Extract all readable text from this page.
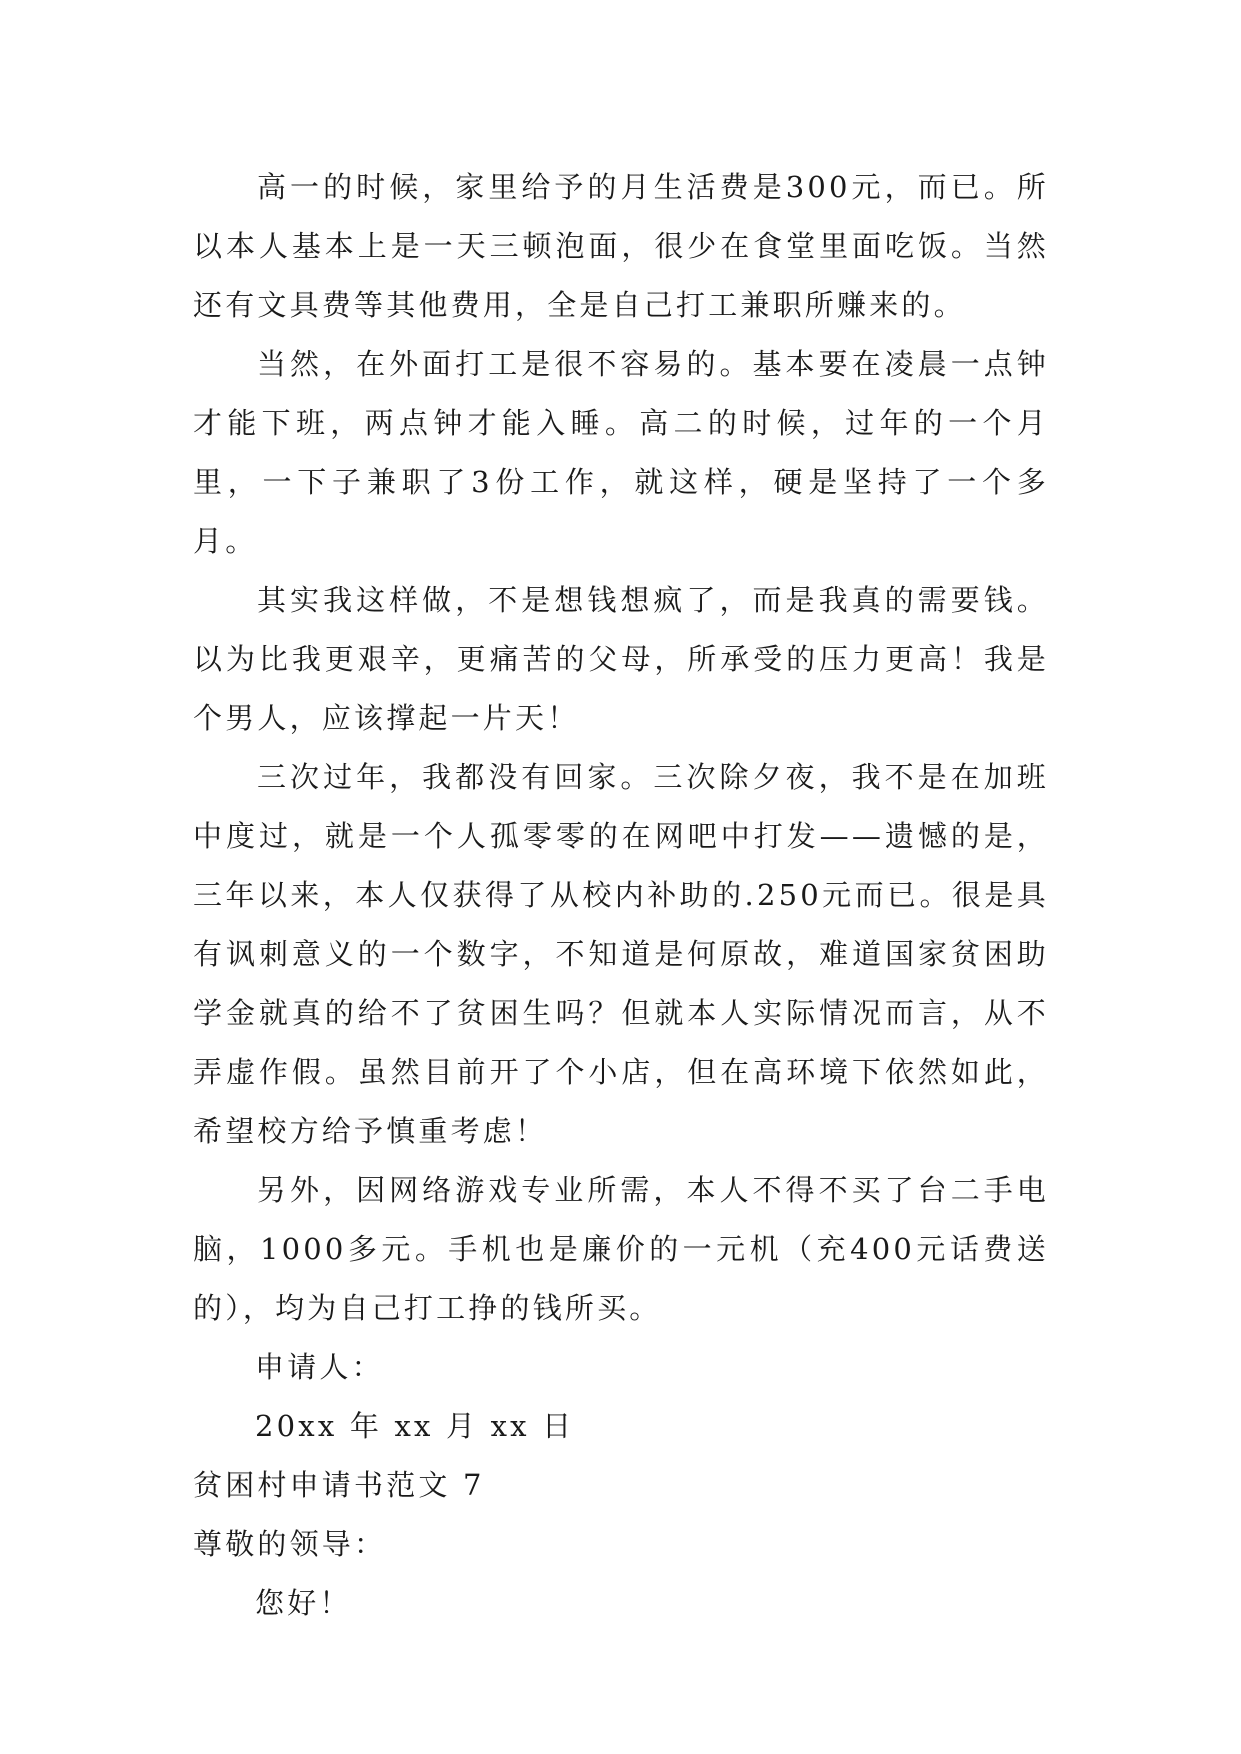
高一的时候，家里给予的月生活费是300元，而已。所以本人基本上是一天三顿泡面，很少在食堂里面吃饭。当然还有文具费等其他费用，全是自己打工兼职所赚来的。

当然，在外面打工是很不容易的。基本要在凌晨一点钟才能下班，两点钟才能入睡。高二的时候，过年的一个月里，一下子兼职了3份工作，就这样，硬是坚持了一个多月。

其实我这样做，不是想钱想疯了，而是我真的需要钱。以为比我更艰辛，更痛苦的父母，所承受的压力更高！我是个男人，应该撑起一片天！

三次过年，我都没有回家。三次除夕夜，我不是在加班中度过，就是一个人孤零零的在网吧中打发——遗憾的是，三年以来，本人仅获得了从校内补助的.250元而已。很是具有讽刺意义的一个数字，不知道是何原故，难道国家贫困助学金就真的给不了贫困生吗？但就本人实际情况而言，从不弄虚作假。虽然目前开了个小店，但在高环境下依然如此，希望校方给予慎重考虑！

另外，因网络游戏专业所需，本人不得不买了台二手电脑，1000多元。手机也是廉价的一元机（充400元话费送的），均为自己打工挣的钱所买。

申请人：

20xx 年 xx 月 xx 日

贫困村申请书范文 7

尊敬的领导：

您好！
